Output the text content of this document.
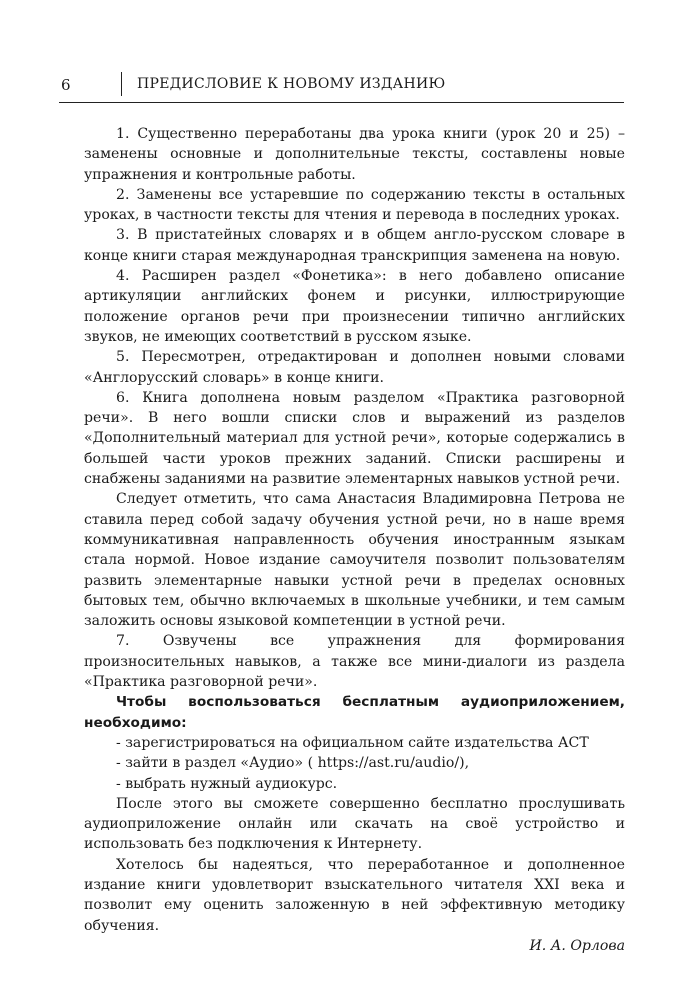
6	ПРЕДИСЛОВИЕ К НОВОМУ ИЗДАНИЮ

1. Существенно переработаны два урока книги (урок 20 и 25) – заменены основные и дополнительные тексты, составлены новые упражнения и контрольные работы.

2. Заменены все устаревшие по содержанию тексты в остальных уроках, в частности тексты для чтения и перевода в последних уроках.

3. В пристатейных словарях и в общем англо-русском словаре в конце книги старая международная транскрипция заменена на новую.

4. Расширен раздел «Фонетика»: в него добавлено описание артикуляции английских фонем и рисунки, иллюстрирующие положение органов речи при произнесении типично английских звуков, не имеющих соответствий в русском языке.

5. Пересмотрен, отредактирован и дополнен новыми словами «Англорусский словарь» в конце книги.

6. Книга дополнена новым разделом «Практика разговорной речи». В него вошли списки слов и выражений из разделов «Дополнительный материал для устной речи», которые содержались в большей части уроков прежних заданий. Списки расширены и снабжены заданиями на развитие элементарных навыков устной речи.

Следует отметить, что сама Анастасия Владимировна Петрова не ставила перед собой задачу обучения устной речи, но в наше время коммуникативная направленность обучения иностранным языкам стала нормой. Новое издание самоучителя позволит пользователям развить элементарные навыки устной речи в пределах основных бытовых тем, обычно включаемых в школьные учебники, и тем самым заложить основы языковой компетенции в устной речи.

7. Озвучены все упражнения для формирования произносительных навыков, а также все мини-диалоги из раздела «Практика разговорной речи».

Чтобы воспользоваться бесплатным аудиоприложением, необходимо:

- зарегистрироваться на официальном сайте издательства АСТ

- зайти в раздел «Аудио» ( https://ast.ru/audio/),

- выбрать нужный аудиокурс.

После этого вы сможете совершенно бесплатно прослушивать аудиоприложение онлайн или скачать на своё устройство и использовать без подключения к Интернету.

Хотелось бы надеяться, что переработанное и дополненное издание книги удовлетворит взыскательного читателя XXI века и позволит ему оценить заложенную в ней эффективную методику обучения.

И. А. Орлова
